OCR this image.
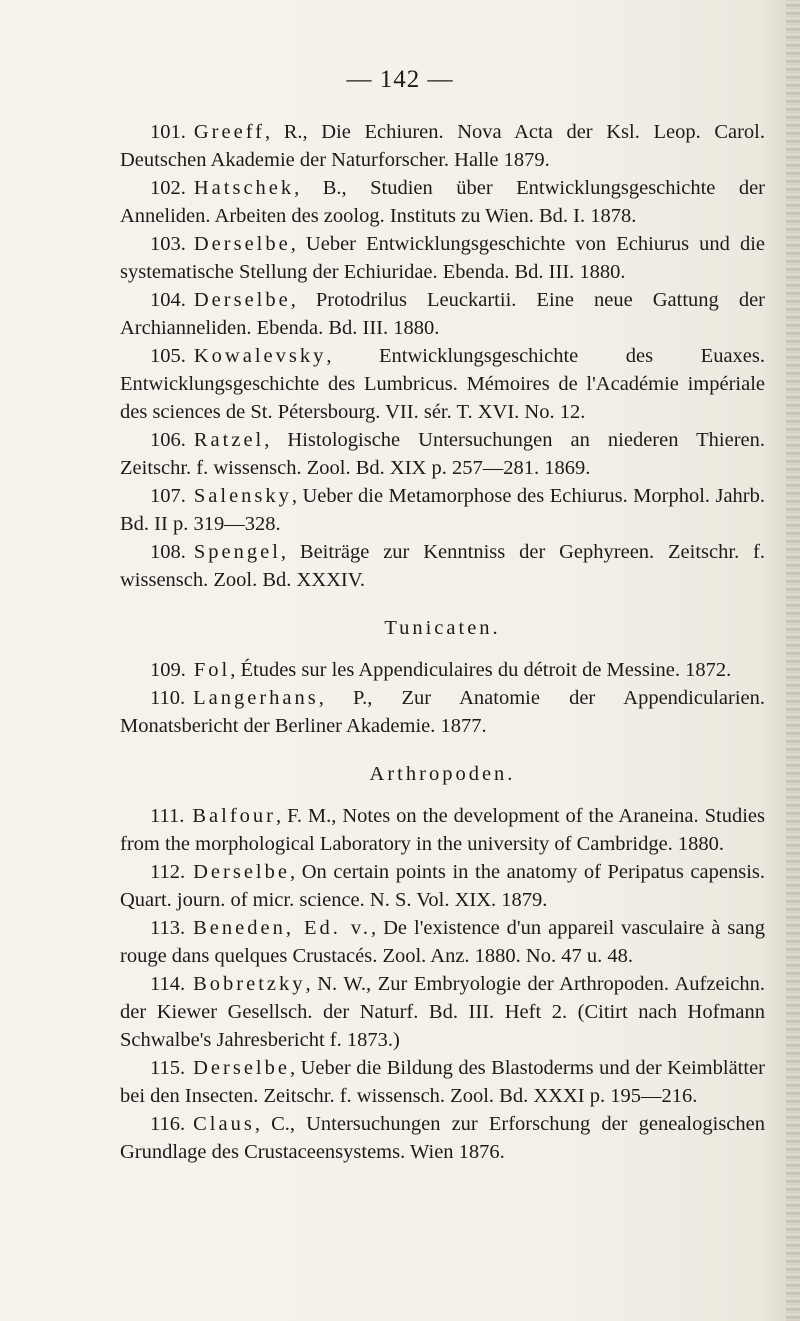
— 142 —

101. Greeff, R., Die Echiuren. Nova Acta der Ksl. Leop. Carol. Deutschen Akademie der Naturforscher. Halle 1879.

102. Hatschek, B., Studien über Entwicklungsgeschichte der Anneliden. Arbeiten des zoolog. Instituts zu Wien. Bd. I. 1878.

103. Derselbe, Ueber Entwicklungsgeschichte von Echiurus und die systematische Stellung der Echiuridae. Ebenda. Bd. III. 1880.

104. Derselbe, Protodrilus Leuckartii. Eine neue Gattung der Archianneliden. Ebenda. Bd. III. 1880.

105. Kowalevsky, Entwicklungsgeschichte des Euaxes. Entwicklungsgeschichte des Lumbricus. Mémoires de l'Académie impériale des sciences de St. Pétersbourg. VII. sér. T. XVI. No. 12.

106. Ratzel, Histologische Untersuchungen an niederen Thieren. Zeitschr. f. wissensch. Zool. Bd. XIX p. 257—281. 1869.

107. Salensky, Ueber die Metamorphose des Echiurus. Morphol. Jahrb. Bd. II p. 319—328.

108. Spengel, Beiträge zur Kenntniss der Gephyreen. Zeitschr. f. wissensch. Zool. Bd. XXXIV.

Tunicaten.

109. Fol, Études sur les Appendiculaires du détroit de Messine. 1872.

110. Langerhans, P., Zur Anatomie der Appendicularien. Monatsbericht der Berliner Akademie. 1877.

Arthropoden.

111. Balfour, F. M., Notes on the development of the Araneina. Studies from the morphological Laboratory in the university of Cambridge. 1880.

112. Derselbe, On certain points in the anatomy of Peripatus capensis. Quart. journ. of micr. science. N. S. Vol. XIX. 1879.

113. Beneden, Ed. v., De l'existence d'un appareil vasculaire à sang rouge dans quelques Crustacés. Zool. Anz. 1880. No. 47 u. 48.

114. Bobretzky, N. W., Zur Embryologie der Arthropoden. Aufzeichn. der Kiewer Gesellsch. der Naturf. Bd. III. Heft 2. (Citirt nach Hofmann Schwalbe's Jahresbericht f. 1873.)

115. Derselbe, Ueber die Bildung des Blastoderms und der Keimblätter bei den Insecten. Zeitschr. f. wissensch. Zool. Bd. XXXI p. 195—216.

116. Claus, C., Untersuchungen zur Erforschung der genealogischen Grundlage des Crustaceensystems. Wien 1876.
